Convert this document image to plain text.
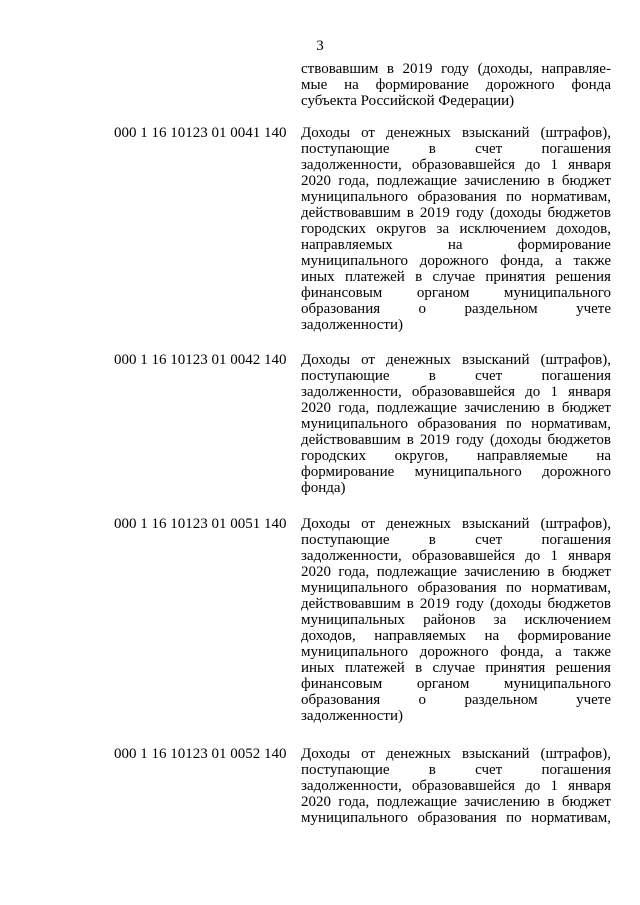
3
ствовавшим в 2019 году (доходы, направляе-
мые на формирование дорожного фонда
субъекта Российской Федерации)
000 1 16 10123 01 0041 140 Доходы от денежных взысканий (штрафов),
поступающие	в	счет	погашения
задолженности, образовавшейся до 1 января
2020 года, подлежащие зачислению в бюджет
муниципального образования по нормативам,
действовавшим в 2019 году (доходы бюджетов
городских округов за исключением доходов,
направляемых	на	формирование
муниципального дорожного фонда, а также
иных платежей в случае принятия решения
финансовым органом муниципального
образования	о	раздельном	учете
задолженности)
000 1 16 10123 01 0042 140 Доходы от денежных взысканий (штрафов),
поступающие	в	счет	погашения
задолженности, образовавшейся до 1 января
2020 года, подлежащие зачислению в бюджет
муниципального образования по нормативам,
действовавшим в 2019 году (доходы бюджетов
городских округов, направляемые на
формирование муниципального дорожного
фонда)
000 1 16 10123 01 0051 140 Доходы от денежных взысканий (штрафов),
поступающие	в	счет	погашения
задолженности, образовавшейся до 1 января
2020 года, подлежащие зачислению в бюджет
муниципального образования по нормативам,
действовавшим в 2019 году (доходы бюджетов
муниципальных районов за исключением
доходов, направляемых на формирование
муниципального дорожного фонда, а также
иных платежей в случае принятия решения
финансовым органом муниципального
образования	о	раздельном	учете
задолженности)
000 1 16 10123 01 0052 140 Доходы от денежных взысканий (штрафов),
поступающие	в	счет	погашения
задолженности, образовавшейся до 1 января
2020 года, подлежащие зачислению в бюджет
муниципального образования по нормативам,
